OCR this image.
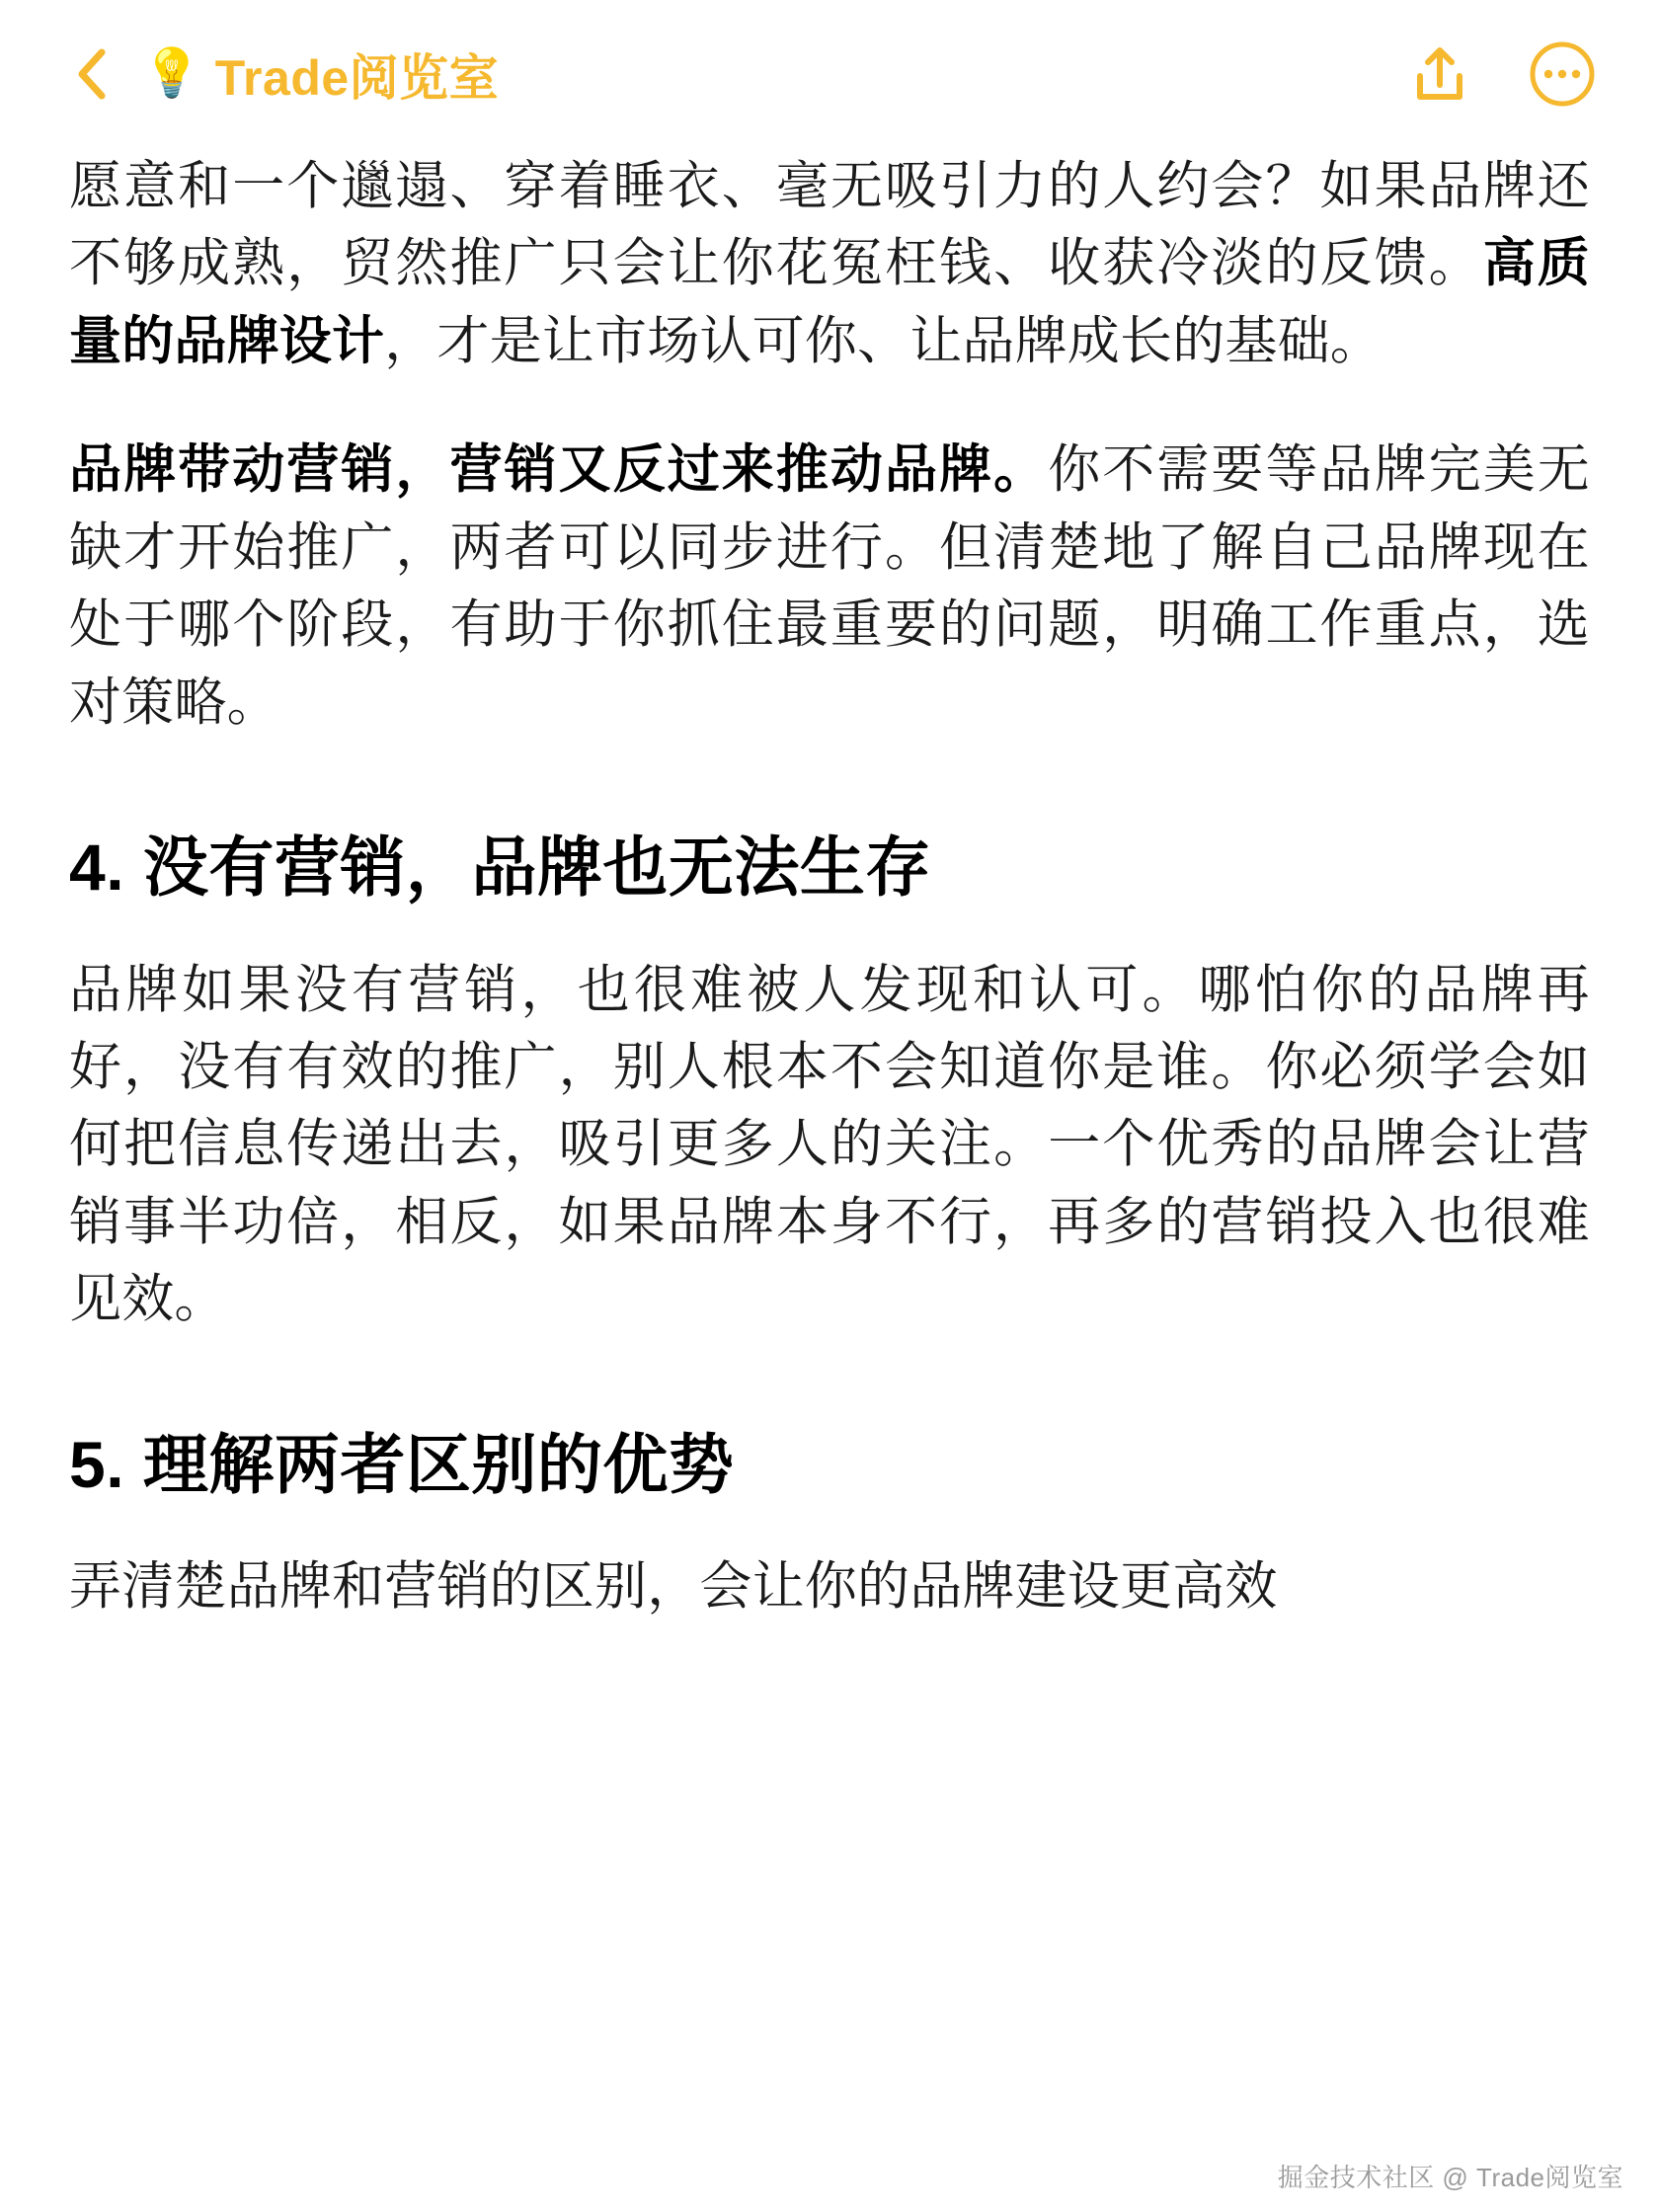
💡 Trade阅览室

愿意和一个邋遢、穿着睡衣、毫无吸引力的人约会？如果品牌还不够成熟，贸然推广只会让你花冤枉钱、收获冷淡的反馈。高质量的品牌设计，才是让市场认可你、让品牌成长的基础。

品牌带动营销，营销又反过来推动品牌。你不需要等品牌完美无缺才开始推广，两者可以同步进行。但清楚地了解自己品牌现在处于哪个阶段，有助于你抓住最重要的问题，明确工作重点，选对策略。

4. 没有营销，品牌也无法生存

品牌如果没有营销，也很难被人发现和认可。哪怕你的品牌再好，没有有效的推广，别人根本不会知道你是谁。你必须学会如何把信息传递出去，吸引更多人的关注。一个优秀的品牌会让营销事半功倍，相反，如果品牌本身不行，再多的营销投入也很难见效。

5. 理解两者区别的优势

弄清楚品牌和营销的区别，会让你的品牌建设更高效

掘金技术社区 @ Trade阅览室
